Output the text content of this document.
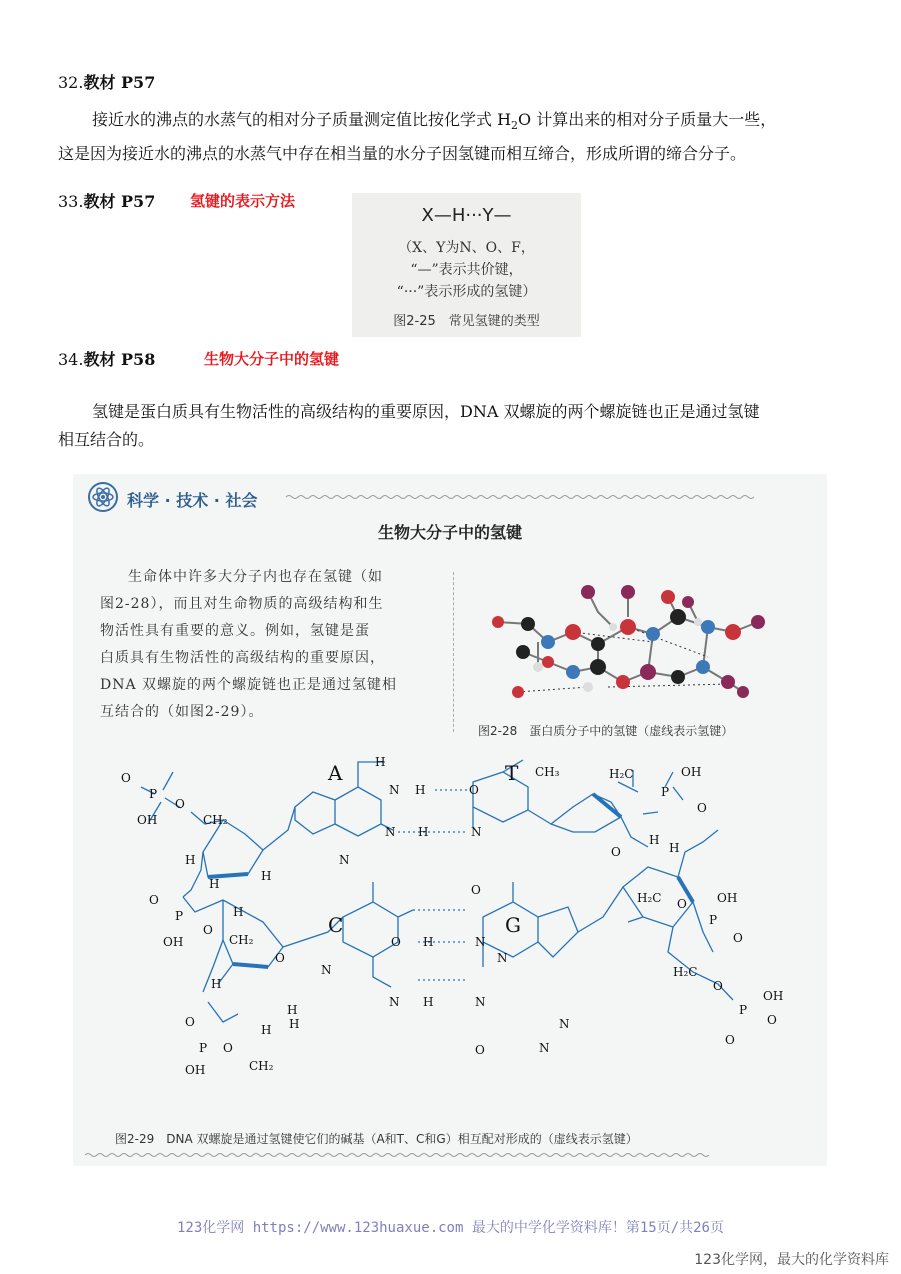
32.教材 P57

接近水的沸点的水蒸气的相对分子质量测定值比按化学式 $H_2O$ 计算出来的相对分子质量大一些，

这是因为接近水的沸点的水蒸气中存在相当量的水分子因氢键而相互缔合，形成所谓的缔合分子。
33.教材 P57 氢键的表示方法
X—H···Y—
（X、Y为N、O、F，
“—”表示共价键，
“···”表示形成的氢键）
图2-25　常见氢键的类型
34.教材 P58	生物大分子中的氢键

氢键是蛋白质具有生物活性的高级结构的重要原因，DNA 双螺旋的两个螺旋链也正是通过氢键

相互结合的。
科学 · 技术 · 社会
生物大分子中的氢键

生命体中许多大分子内也存在氢键（如

图2-28），而且对生命物质的高级结构和生
物活性具有重要的意义。例如，氢键是蛋
白质具有生物活性的高级结构的重要原因，
DNA 双螺旋的两个螺旋链也正是通过氢键相
互结合的（如图2-29）。
图2-28　蛋白质分子中的氢键（虚线表示氢键）
A	T
C	G
O
P
O
OH	CH₂
H
H
H
H
H
N H	O
CH₃
N H	N
N
O
H₂C
P
OH
O
O
H
H
H₂C O
P
OH
O
O
P
O
OH	CH₂
O
H
H
H
O H	N
N
N H	N
O
O
P O
OH	CH₂
H
H₂C
O
P
OH
O
O
N
N
N
图2-29　DNA 双螺旋是通过氢键使它们的碱基（A和T、C和G）相互配对形成的（虚线表示氢键）
123化学网 https://www.123huaxue.com 最大的中学化学资料库！第15页/共26页
123化学网，最大的化学资料库
